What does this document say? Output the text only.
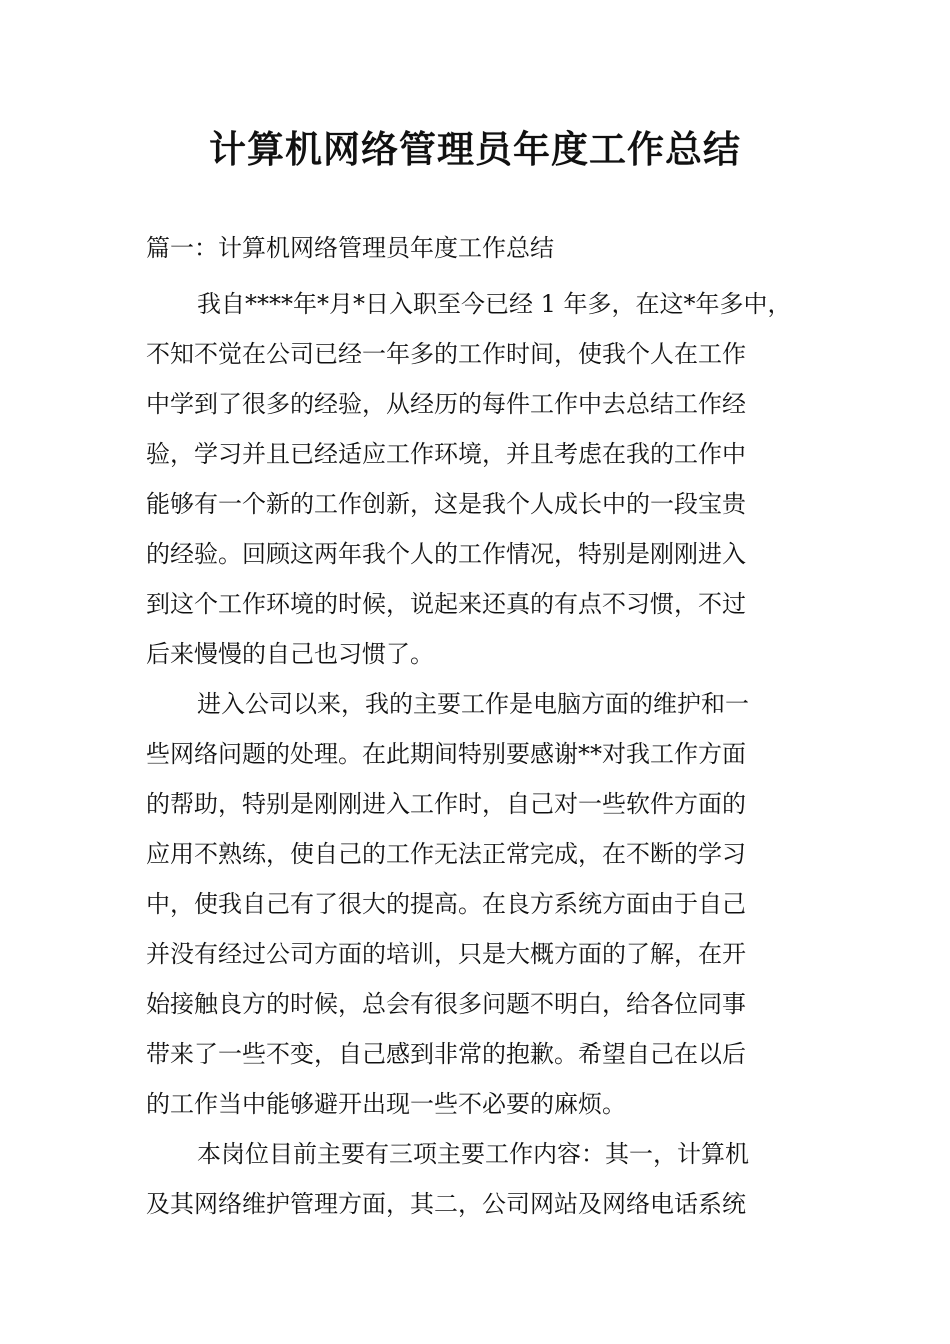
计算机网络管理员年度工作总结

篇一：计算机网络管理员年度工作总结

我自****年*月*日入职至今已经 1 年多，在这*年多中，
不知不觉在公司已经一年多的工作时间，使我个人在工作
中学到了很多的经验，从经历的每件工作中去总结工作经
验，学习并且已经适应工作环境，并且考虑在我的工作中
能够有一个新的工作创新，这是我个人成长中的一段宝贵
的经验。回顾这两年我个人的工作情况，特别是刚刚进入
到这个工作环境的时候，说起来还真的有点不习惯，不过
后来慢慢的自己也习惯了。

进入公司以来，我的主要工作是电脑方面的维护和一
些网络问题的处理。在此期间特别要感谢**对我工作方面
的帮助，特别是刚刚进入工作时，自己对一些软件方面的
应用不熟练，使自己的工作无法正常完成，在不断的学习
中，使我自己有了很大的提高。在良方系统方面由于自己
并没有经过公司方面的培训，只是大概方面的了解，在开
始接触良方的时候，总会有很多问题不明白，给各位同事
带来了一些不变，自己感到非常的抱歉。希望自己在以后
的工作当中能够避开出现一些不必要的麻烦。

本岗位目前主要有三项主要工作内容：其一，计算机
及其网络维护管理方面，其二，公司网站及网络电话系统
